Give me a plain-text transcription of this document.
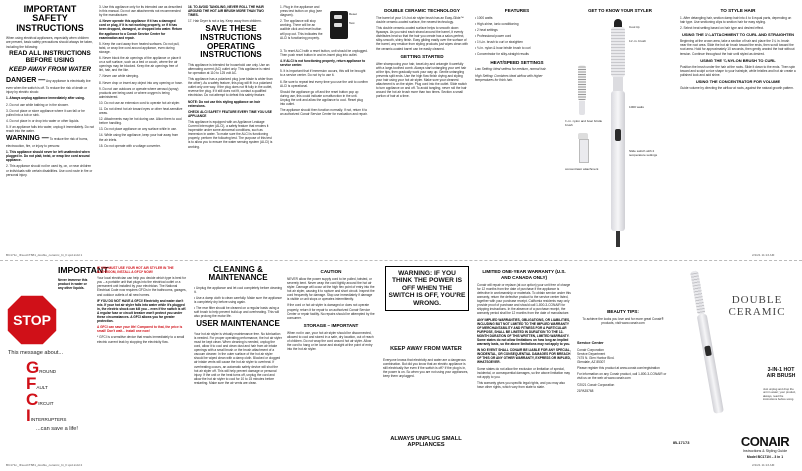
IMPORTANT SAFETY INSTRUCTIONS

When using electrical appliances, especially when children are present, basic safety precautions should always be taken, including the following:

READ ALL INSTRUCTIONS BEFORE USING
KEEP AWAY FROM WATER

DANGER — Any appliance is electrically live even when the switch is off. To reduce the risk of death or injury by electric shock:

1. Always unplug appliance immediately after using.

2. Do not use while bathing or in the shower.

3. Do not place or store appliance where it can fall or be pulled into a tub or sink.

4. Do not place in or drop into water or other liquids.

5. If an appliance falls into water, unplug it immediately. Do not reach into the water.

WARNING — To reduce the risk of burns, electrocution, fire, or injury to persons:

1. This appliance should never be left unattended when plugged in. Do not plait, twist, or wrap line cord around appliance.

2. This appliance should not be used by, on, or near children or individuals with certain disabilities. Use cord route in fire or personal injury.

3. Use this appliance only for its intended use as described in this manual. Do not use attachments not recommended by the manufacturer.

4. Never operate this appliance if it has a damaged cord or plug, if it is not working properly, or if it has been dropped, damaged, or dropped into water. Return the appliance to a Conair Service Center for examination and repair.

5. Keep the cord away from heated surfaces. Do not pull, twist, or wrap line cord around appliance, even during storage.

6. Never block the air openings of the appliance or place it on a soft surface, such as a bed or couch, where the air openings may be blocked. Keep the air openings free of lint, hair, and the like.

7. Never use while sleeping.

8. Never drop or insert any object into any opening or hose.

9. Do not use outdoors or operate where aerosol (spray) products are being used or where oxygen is being administered.

10. Do not use an extension cord to operate hot air styler.

11. Do not direct hot air toward eyes or other heat-sensitive areas.

12. Attachments may be hot during use. Allow them to cool before handling.

13. Do not place appliance on any surface while in use.

14. While using the appliance, keep your hair away from the air inlets.

15. Do not operate with a voltage converter.

16. TO AVOID TANGLING, NEVER ROLL THE HAIR AROUND THE HOT AIR BRUSH MORE THAN TWO TIMES.

17. Hair Dryer is not a toy. Keep away from children.

SAVE THESE INSTRUCTIONS OPERATING INSTRUCTIONS

This appliance is intended for household use only. Use an alternating current (AC) outlet only. This appliance is rated for operation at 110 to 125 volt AC.

This appliance has a polarized plug (one blade is wider than the other). As a safety feature, this plug will fit in a polarized outlet only one way. If the plug does not fit fully in the outlet, reverse the plug. If it still does not fit, contact a qualified electrician. Do not attempt to defeat this safety feature.

NOTE: Do not use this styling appliance on hair extensions.

CHECK ALCI SAFETY FEATURE EVERY TIME YOU USE APPLIANCE

This appliance is equipped with an Appliance Leakage Current Interrupter (ALCI), a safety feature that renders it inoperable under some abnormal conditions, such as immersion in water. To make sure the ALCI is functioning properly, perform the following test. The purpose of this test is to allow you to ensure the water sensing system (ALCI) is working.

1. Plug in the appliance and press test button on plug (see diagram).

2. The appliance will stop working. There will be an audible click and reset button will pop out. This indicates the ALCI is functioning properly.

Reset
Test

3. To reset ALCI with a reset button, unit should be unplugged. Then push reset button in and re-insert plug into outlet.

4. If ALCI is not functioning properly, return appliance to service center.

5. It is important that if immersion occurs, this will be brought to a service center. Do not try to use it.

6. Be sure to repeat test every time you use the unit to confirm ALCI is operational.

Should the appliance go off and the reset button pop up during use, this could indicate a malfunction in the unit. Unplug the unit and allow the appliance to cool. Reset plug into outlet.

The appliance should then function normally. If not, return it to an authorized Conair Service Center for evaluation and repair.

DOUBLE CERAMIC TECHNOLOGY

The barrel of your 1¼ hot air styler brush has an Easy-Glide™ double ceramic-coated surface, the newest technology.

This double ceramic-coated surface helps to smooth down flyaways. As you wind each strand around the barrel, it evenly distributes heat so that the hair you create has a salon-perfect, silky-smooth, shiny finish. Easy gliding easily over the surface of the barrel, any residue from styling products just wipes clean with the ceramic-coated barrel can be easily cleaned.

GETTING STARTED

After shampooing your hair, towel-dry and untangle it carefully with a large-toothed comb. Always start untangling your wet hair at the tips, then gradually work your way up. Gentle untangling prevents split ends. Use the high flow finish drying and styling your hair using your hot air styler. Make sure your cleanest attachment is on the styler. Plug cord into the outlet. Slide switch to turn appliance on and off. To avoid tangling, never roll the hair around the hot air brush more than two times. Section a small portion of hair at a time.

FEATURES

• 1000 watts

• High-shine, ionic conditioning

• 2 heat settings

• Professional power cord

• 1¼-in. brush to curl or straighten

• ¾ in. nylon & boar bristle brush to curl

• Concentrator for silky-straight results

HEAT/SPEED SETTINGS

Low Setting: Ideal setless for medium, normal hair.

High Setting: Combines ideal airflow with higher temperatures for thick hair.

GET TO KNOW YOUR STYLER
Cool tip
1¼ in. brush
1000 watts
¾ in. nylon and boar bristle brush
concentrator attachment
Slide switch with 2 temperature settings
TO STYLE HAIR

1. After detangling hair, section damp hair into 4 to 6 equal parts, depending on hair type. Use sectioning clips to section hair for easy styling.

2. Select heat setting based on hair type and desired effect.

USING THE 1¼ ATTACHMENT TO CURL AND STRAIGHTEN

Beginning at the crown area, take a section of hair and place the 1¼ in. brush near the root area. Slide the hot air brush toward the ends, then scroll toward the root area. Hold for approximately 10 seconds, then gently unwind the hair without tension. Continue throughout the hair until styled as desired.

USING THE ¾ NYLON BRUSH TO CURL

Position the brush under the hair at the roots. Slide it down to the ends. Then spin toward and sculpt a nice shape to your hairstyle, while bristles and hot air create a polished look and add shine.

USING THE CONCENTRATOR FOR VOLUME

Guide volume by directing the airflow at roots, against the natural growth pattern.

BC171n_IFseuCT881_double_ceramic_bi_fr.qxd.indd 1	2/1/21 11:13 AM
IMPORTANT

Never immerse this product in water or any other liquids.

STOP
This message about...
GROUND
FAULT
CIRCUIT
IINTERRUPTERS
...can save a life!

IF YOU MUST USE YOUR HOT AIR STYLER IN THE BATHROOM, INSTALL A GFCI* NOW!

Your local electrician can help you decide which type is best for you – a portable unit that plugs into the electrical outlet or a permanent unit installed by your electrician. The National Electrical Code now requires GFCIs in the bathrooms, garages, and outdoor outlets of all new homes.

IF YOU DO NOT HAVE A GFCI! Electricity and water don't mix. If your hot air styler falls into water while it's plugged in, the electric shock can kill you – even if the switch is off. A regular fuse or circuit breaker won't protect you under these circumstances. A GFCI allows you far greater protection.

A GFCI can save your life! Compared to that, the price is small! Don't wait... install one now!

* GFCI is a sensitive device that reacts immediately to a small electric current leak by stopping the electricity flow.

CLEANING & MAINTENANCE

• Unplug the appliance and let cool completely before cleaning it.

• Use a damp cloth to clean carefully. Make sure the appliance is completely dry before using again.

• The rear filter should be cleaned on a regular basis using a soft brush to help prevent build-up and overheating. This will also prolong the motor life.

USER MAINTENANCE

Your hot air styler is virtually maintenance free. No lubrication is needed. For proper operating performance, the hot air styler must be kept clean. When cleaning is needed, unplug the cord, allow it to cool and clean dust and hair from air intake openings with a small brush or the brush attachment of a vacuum cleaner. In the outer surface of the hot air styler should be wiped clean with a damp cloth. Blocked or clogged air intake vents will cause the hot air styler to overheat. If overheating occurs, an automatic safety device will shut the hot air styler off. This will help prevent damage or personal injury. If the unit or the heat turns off, unplug the cord and allow the hot air styler to cool for 10 to 15 minutes before restarting. Make sure the air vents are clean.

CAUTION

NEVER allow the power supply cord to be pulled, twisted, or severely bent. Never wrap the cord tightly around the hot air styler. Damage will occur at the high flex point of entry into the hot air styler, causing it to rupture and short circuit. Inspect the cord frequently for damage. Stop use immediately if damage is visible or unit stops or operates intermittently.

If the cord or hot air styler is damaged or does not operate properly, return it for repair to an authorized Conair Service Center or repair facility. No repairs should be attempted by the consumer.

STORAGE – IMPORTANT

When not in use, your hot air styler should be disconnected, allowed to cool and stored in a safe, dry location, out of reach of children. Do not wrap the cord around hot air styler. Allow the cord to hang or be loose and straight at the point of entry into the hot air styler.

WARNING: IF YOU THINK THE POWER IS OFF WHEN THE SWITCH IS OFF, YOU'RE WRONG.
KEEP AWAY FROM WATER

Everyone knows that electricity and water are a dangerous combination. But did you know that an electric appliance is still electrically live even if the switch is off? If the plug is in, the power is on. So when you are not using your appliances, keep them unplugged.

ALWAYS UNPLUG SMALL APPLIANCES
LIMITED ONE-YEAR WARRANTY (U.S. AND CANADA ONLY)

Conair will repair or replace (at our option) your unit free of charge for 12 months from the date of purchase if the appliance is defective in workmanship or materials. To obtain service under this warranty, return the defective product to the service center listed, together with your purchase receipt. California residents may only provide proof of purchase and should call 1-800-3-CONAIR for shipping instructions. In the absence of a purchase receipt, the warranty period shall be 12 months from the date of manufacture.

ANY IMPLIED WARRANTIES, OBLIGATIONS, OR LIABILITIES, INCLUDING BUT NOT LIMITED TO THE IMPLIED WARRANTY OF MERCHANTABILITY AND FITNESS FOR A PARTICULAR PURPOSE, SHALL BE LIMITED IN DURATION TO THE 12-MONTH DURATION OF THIS WRITTEN, LIMITED WARRANTY. Some states do not allow limitations on how long an implied warranty lasts, so the above limitations may not apply to you.

IN NO EVENT SHALL CONAIR BE LIABLE FOR ANY SPECIAL, INCIDENTAL, OR CONSEQUENTIAL DAMAGES FOR BREACH OF THIS OR ANY OTHER WARRANTY, EXPRESS OR IMPLIED, WHATSOEVER.

Some states do not allow the exclusion or limitation of special, incidental, or consequential damages, so the above limitation may not apply to you.

This warranty gives you specific legal rights, and you may also have other rights, which vary from state to state.

BEAUTY TIPS:

To achieve the looks you love and for more great Conair® products, visit www.conair.com

Service Center

Conair Corporation

Service Department

7475 N. Glen Harbor Blvd.

Glendale, AZ 85307

Please register this product at www.conair.com/registration

For information on any Conair product, call 1-800-3-CONAIR or visit us on the web at www.conair.com

©2021 Conair Corporation

21PA35768

IB-17173
DOUBLE
CERAMIC
3-IN-1 HOT AIR BRUSH
Just unplug and drop the unit in water; your product, always, read the instructions before using.
CONAIR
Instructions & Styling Guide
Model BC171N – 3 in 1
BC171n_IFseuCT881_double_ceramic_bi_fr.qxd.indd 2	2/1/21 11:13 AM
